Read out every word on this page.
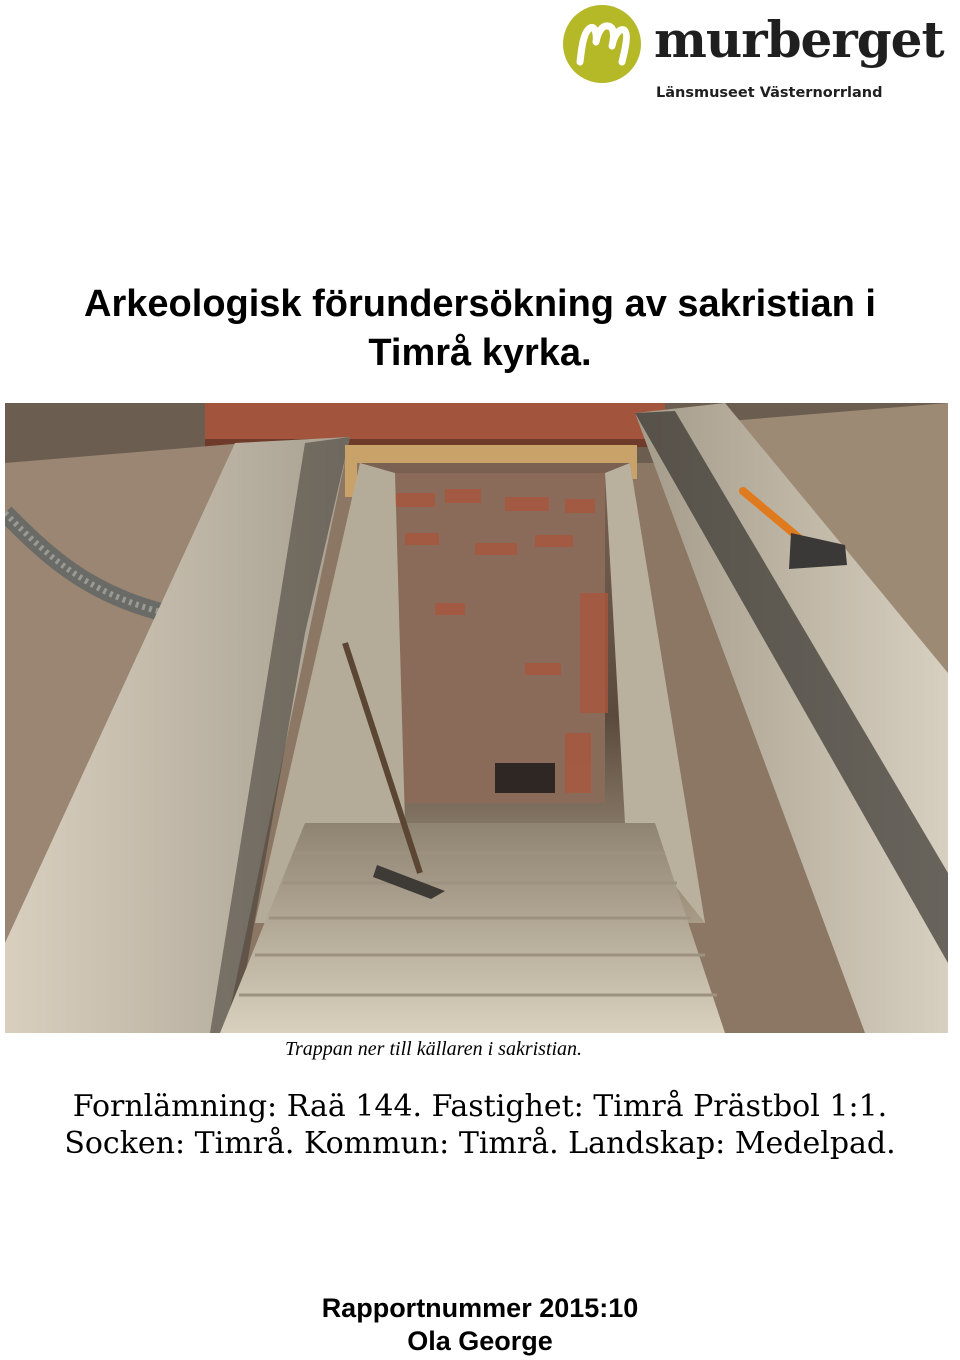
murberget
Länsmuseet Västernorrland
Arkeologisk förundersökning av sakristian i
Timrå kyrka.
Trappan ner till källaren i sakristian.
Fornlämning: Raä 144. Fastighet: Timrå Prästbol 1:1.
Socken: Timrå. Kommun: Timrå. Landskap: Medelpad.
Rapportnummer 2015:10
Ola George
